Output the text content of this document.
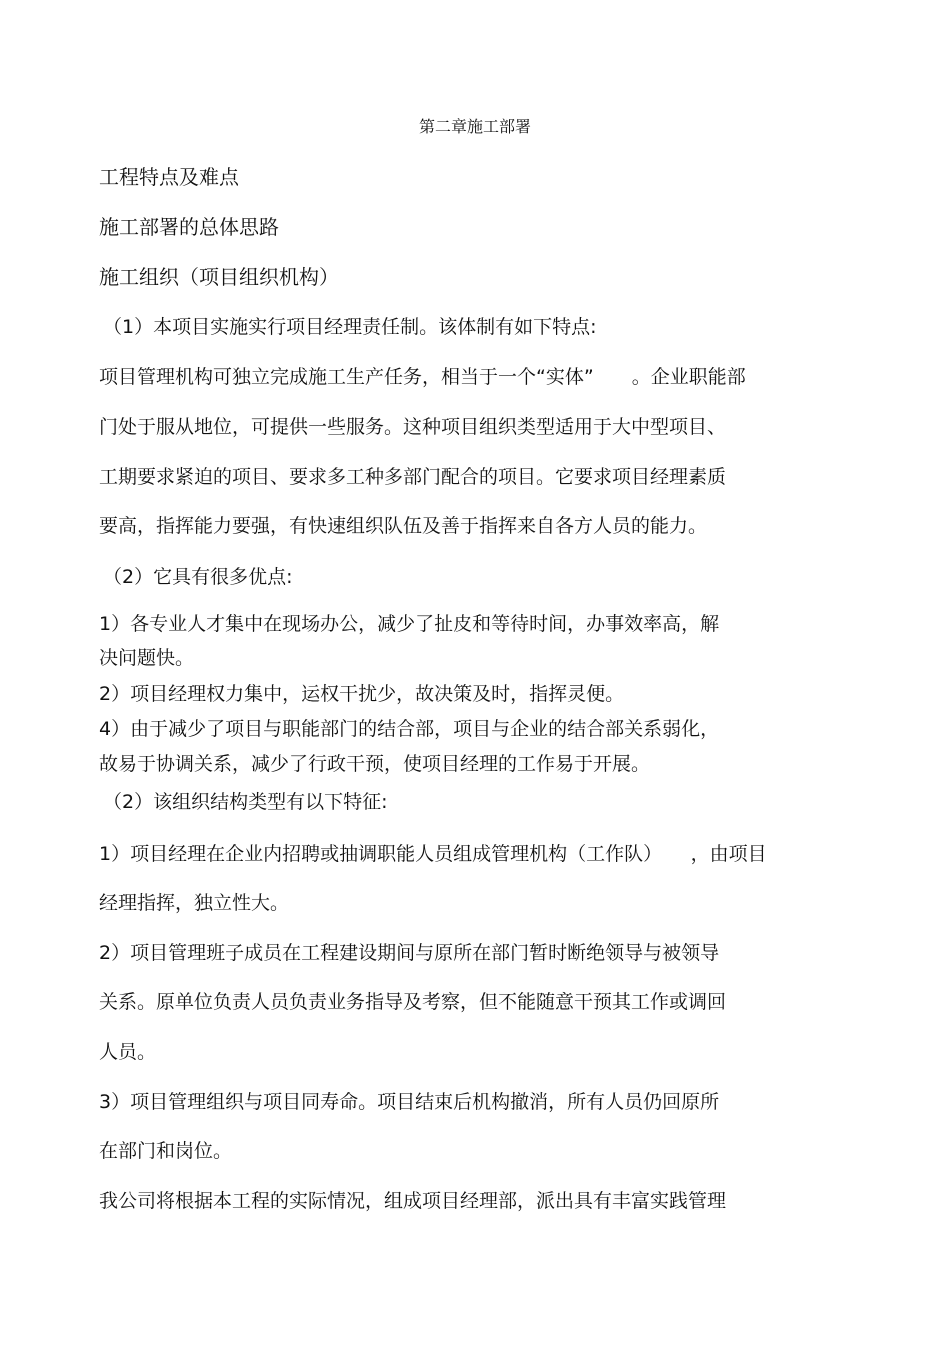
第二章施工部署
工程特点及难点
施工部署的总体思路
施工组织（项目组织机构）
（1）本项目实施实行项目经理责任制。该体制有如下特点:
项目管理机构可独立完成施工生产任务，相当于一个“实体”　　。企业职能部
门处于服从地位，可提供一些服务。这种项目组织类型适用于大中型项目、
工期要求紧迫的项目、要求多工种多部门配合的项目。它要求项目经理素质
要高，指挥能力要强，有快速组织队伍及善于指挥来自各方人员的能力。
（2）它具有很多优点:
1）各专业人才集中在现场办公，减少了扯皮和等待时间，办事效率高，解
决问题快。
2）项目经理权力集中，运权干扰少，故决策及时，指挥灵便。
4）由于减少了项目与职能部门的结合部，项目与企业的结合部关系弱化，
故易于协调关系，减少了行政干预，使项目经理的工作易于开展。
（2）该组织结构类型有以下特征:
1）项目经理在企业内招聘或抽调职能人员组成管理机构（工作队）　　，由项目
经理指挥，独立性大。
2）项目管理班子成员在工程建设期间与原所在部门暂时断绝领导与被领导
关系。原单位负责人员负责业务指导及考察，但不能随意干预其工作或调回
人员。
3）项目管理组织与项目同寿命。项目结束后机构撤消，所有人员仍回原所
在部门和岗位。
我公司将根据本工程的实际情况，组成项目经理部，派出具有丰富实践管理
